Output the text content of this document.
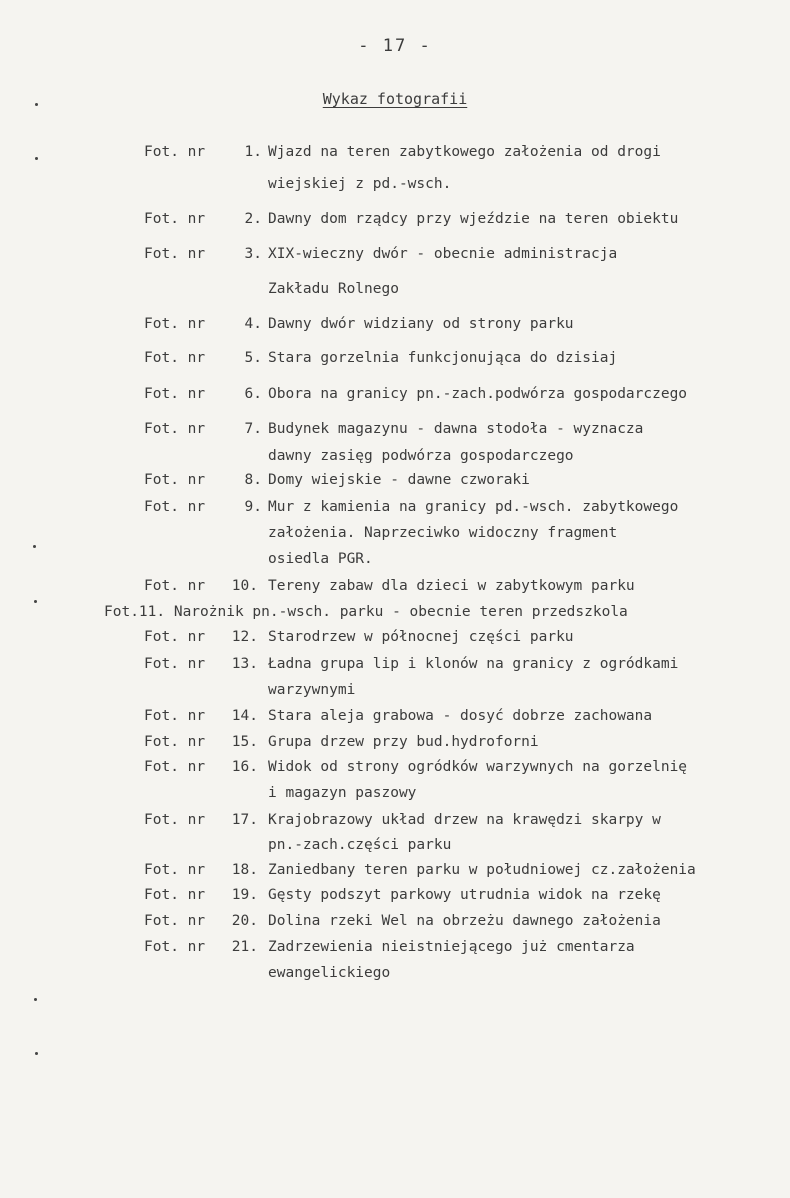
- 17 -
Wykaz fotografii
Fot. nr	1. Wjazd na teren zabytkowego założenia od drogi
wiejskiej z pd.-wsch.
Fot. nr	2. Dawny dom rządcy przy wjeździe na teren obiektu
Fot. nr	3. XIX-wieczny dwór - obecnie administracja
Zakładu Rolnego
Fot. nr	4. Dawny dwór widziany od strony parku
Fot. nr	5. Stara gorzelnia funkcjonująca do dzisiaj
Fot. nr	6. Obora na granicy pn.-zach.podwórza gospodarczego
Fot. nr	7. Budynek magazynu - dawna stodoła - wyznacza
dawny zasięg podwórza gospodarczego
Fot. nr	8. Domy wiejskie - dawne czworaki
Fot. nr	9. Mur z kamienia na granicy pd.-wsch. zabytkowego
założenia. Naprzeciwko widoczny fragment
osiedla PGR.
Fot. nr	10. Tereny zabaw dla dzieci w zabytkowym parku
Fot.11. Narożnik pn.-wsch. parku - obecnie teren przedszkola
Fot. nr	12. Starodrzew w północnej części parku
Fot. nr	13. Ładna grupa lip i klonów na granicy z ogródkami
warzywnymi
Fot. nr	14. Stara aleja grabowa - dosyć dobrze zachowana
Fot. nr	15. Grupa drzew przy bud.hydroforni
Fot. nr	16. Widok od strony ogródków warzywnych na gorzelnię
i magazyn paszowy
Fot. nr	17. Krajobrazowy układ drzew na krawędzi skarpy w
pn.-zach.części parku
Fot. nr	18. Zaniedbany teren parku w południowej cz.założenia
Fot. nr	19. Gęsty podszyt parkowy utrudnia widok na rzekę
Fot. nr	20. Dolina rzeki Wel na obrzeżu dawnego założenia
Fot. nr	21. Zadrzewienia nieistniejącego już cmentarza
ewangelickiego
